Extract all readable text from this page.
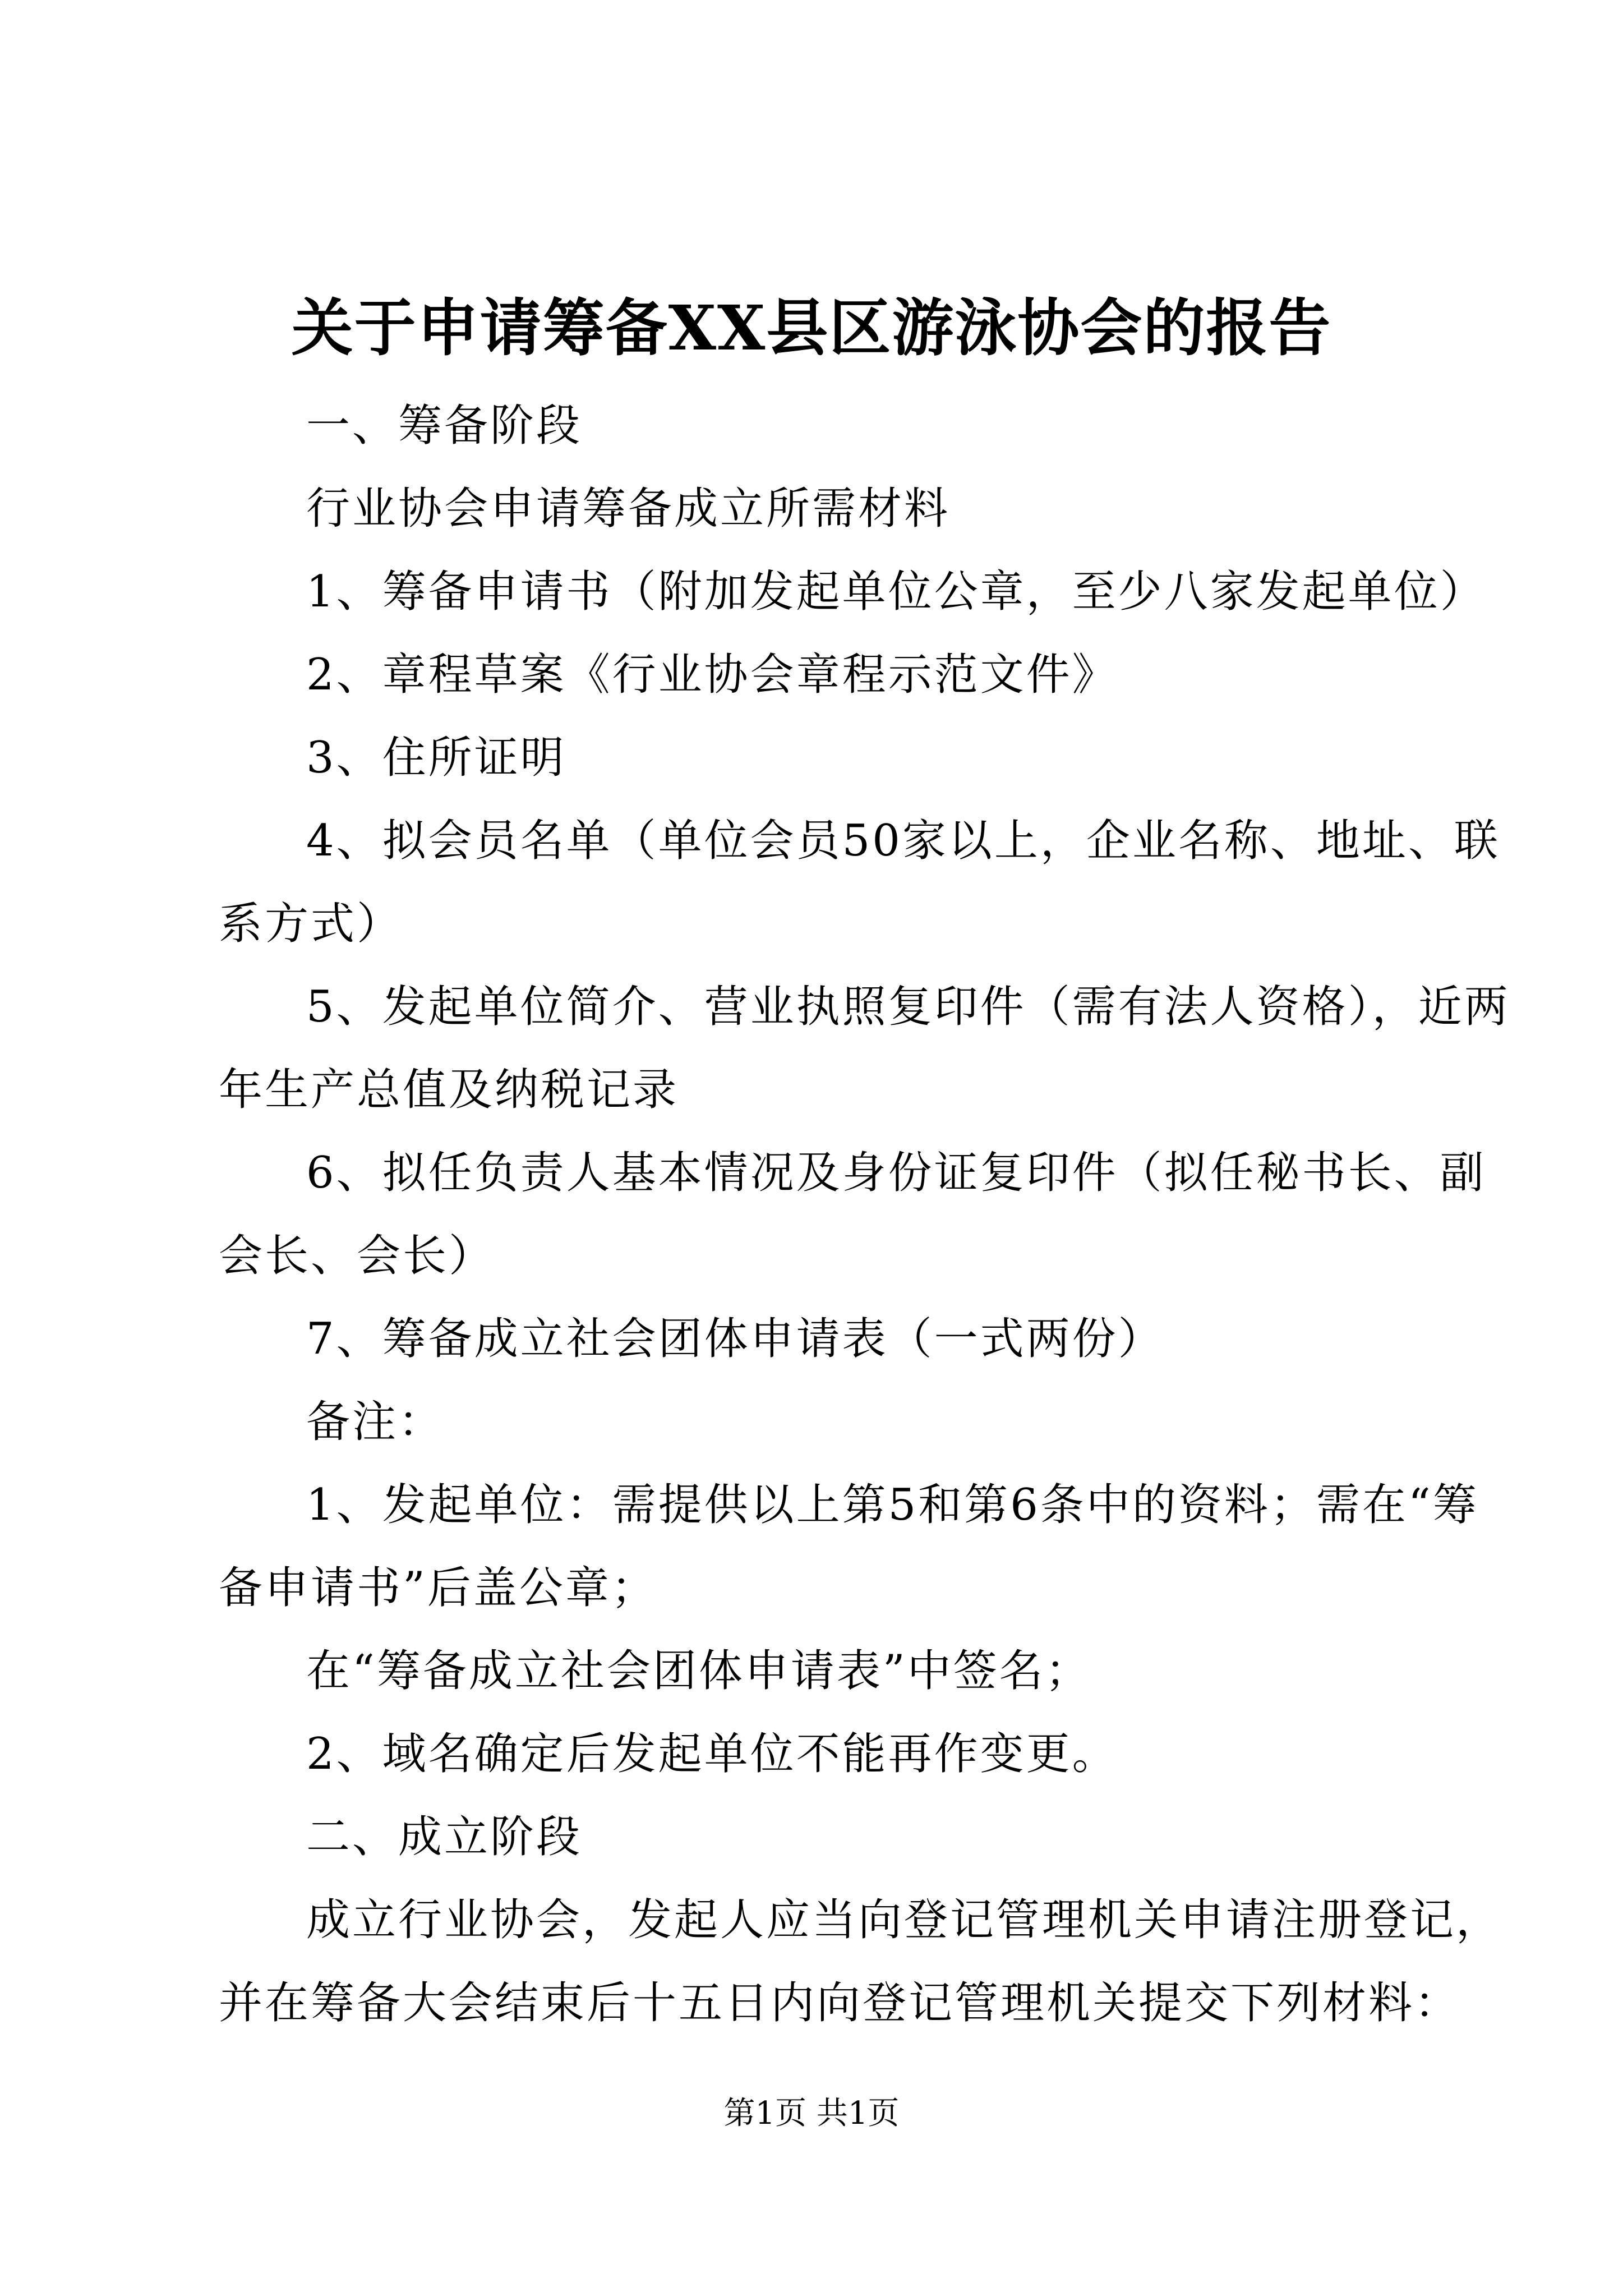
关于申请筹备XX县区游泳协会的报告
一、筹备阶段
行业协会申请筹备成立所需材料
1、筹备申请书（附加发起单位公章，至少八家发起单位）
2、章程草案《行业协会章程示范文件》
3、住所证明
4、拟会员名单（单位会员50家以上，企业名称、地址、联
系方式）
5、发起单位简介、营业执照复印件（需有法人资格），近两
年生产总值及纳税记录
6、拟任负责人基本情况及身份证复印件（拟任秘书长、副
会长、会长）
7、筹备成立社会团体申请表（一式两份）
备注：
1、发起单位：需提供以上第5和第6条中的资料；需在“筹
备申请书”后盖公章；
在“筹备成立社会团体申请表”中签名；
2、域名确定后发起单位不能再作变更。
二、成立阶段
成立行业协会，发起人应当向登记管理机关申请注册登记，
并在筹备大会结束后十五日内向登记管理机关提交下列材料：
第1页 共1页
